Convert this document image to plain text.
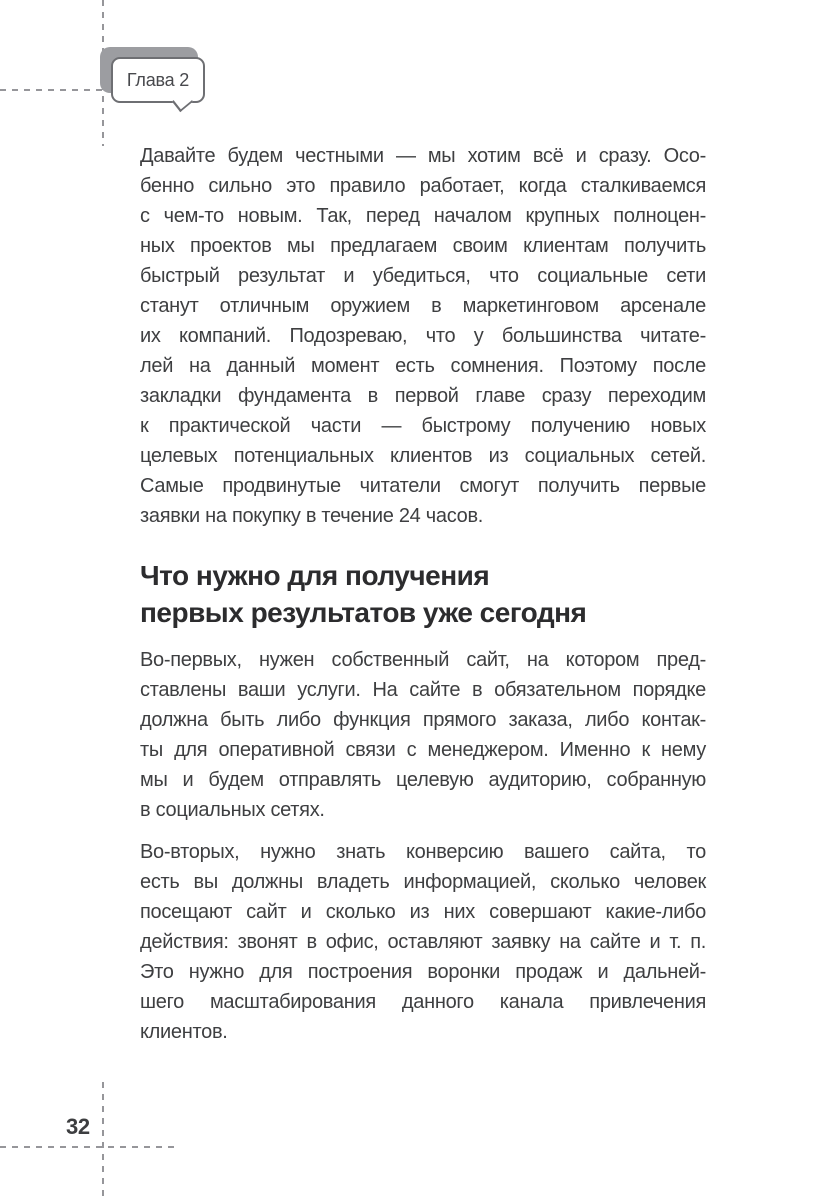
Глава 2
Давайте будем честными — мы хотим всё и сразу. Осо-
бенно сильно это правило работает, когда сталкиваемся
с чем-то новым. Так, перед началом крупных полноцен-
ных проектов мы предлагаем своим клиентам получить
быстрый результат и убедиться, что социальные сети
станут отличным оружием в маркетинговом арсенале
их компаний. Подозреваю, что у большинства читате-
лей на данный момент есть сомнения. Поэтому после
закладки фундамента в первой главе сразу переходим
к практической части — быстрому получению новых
целевых потенциальных клиентов из социальных сетей.
Самые продвинутые читатели смогут получить первые
заявки на покупку в течение 24 часов.
Что нужно для получения
первых результатов уже сегодня
Во-первых, нужен собственный сайт, на котором пред-
ставлены ваши услуги. На сайте в обязательном порядке
должна быть либо функция прямого заказа, либо контак-
ты для оперативной связи с менеджером. Именно к нему
мы и будем отправлять целевую аудиторию, собранную
в социальных сетях.
Во-вторых, нужно знать конверсию вашего сайта, то
есть вы должны владеть информацией, сколько человек
посещают сайт и сколько из них совершают какие-либо
действия: звонят в офис, оставляют заявку на сайте и т. п.
Это нужно для построения воронки продаж и дальней-
шего масштабирования данного канала привлечения
клиентов.
32
